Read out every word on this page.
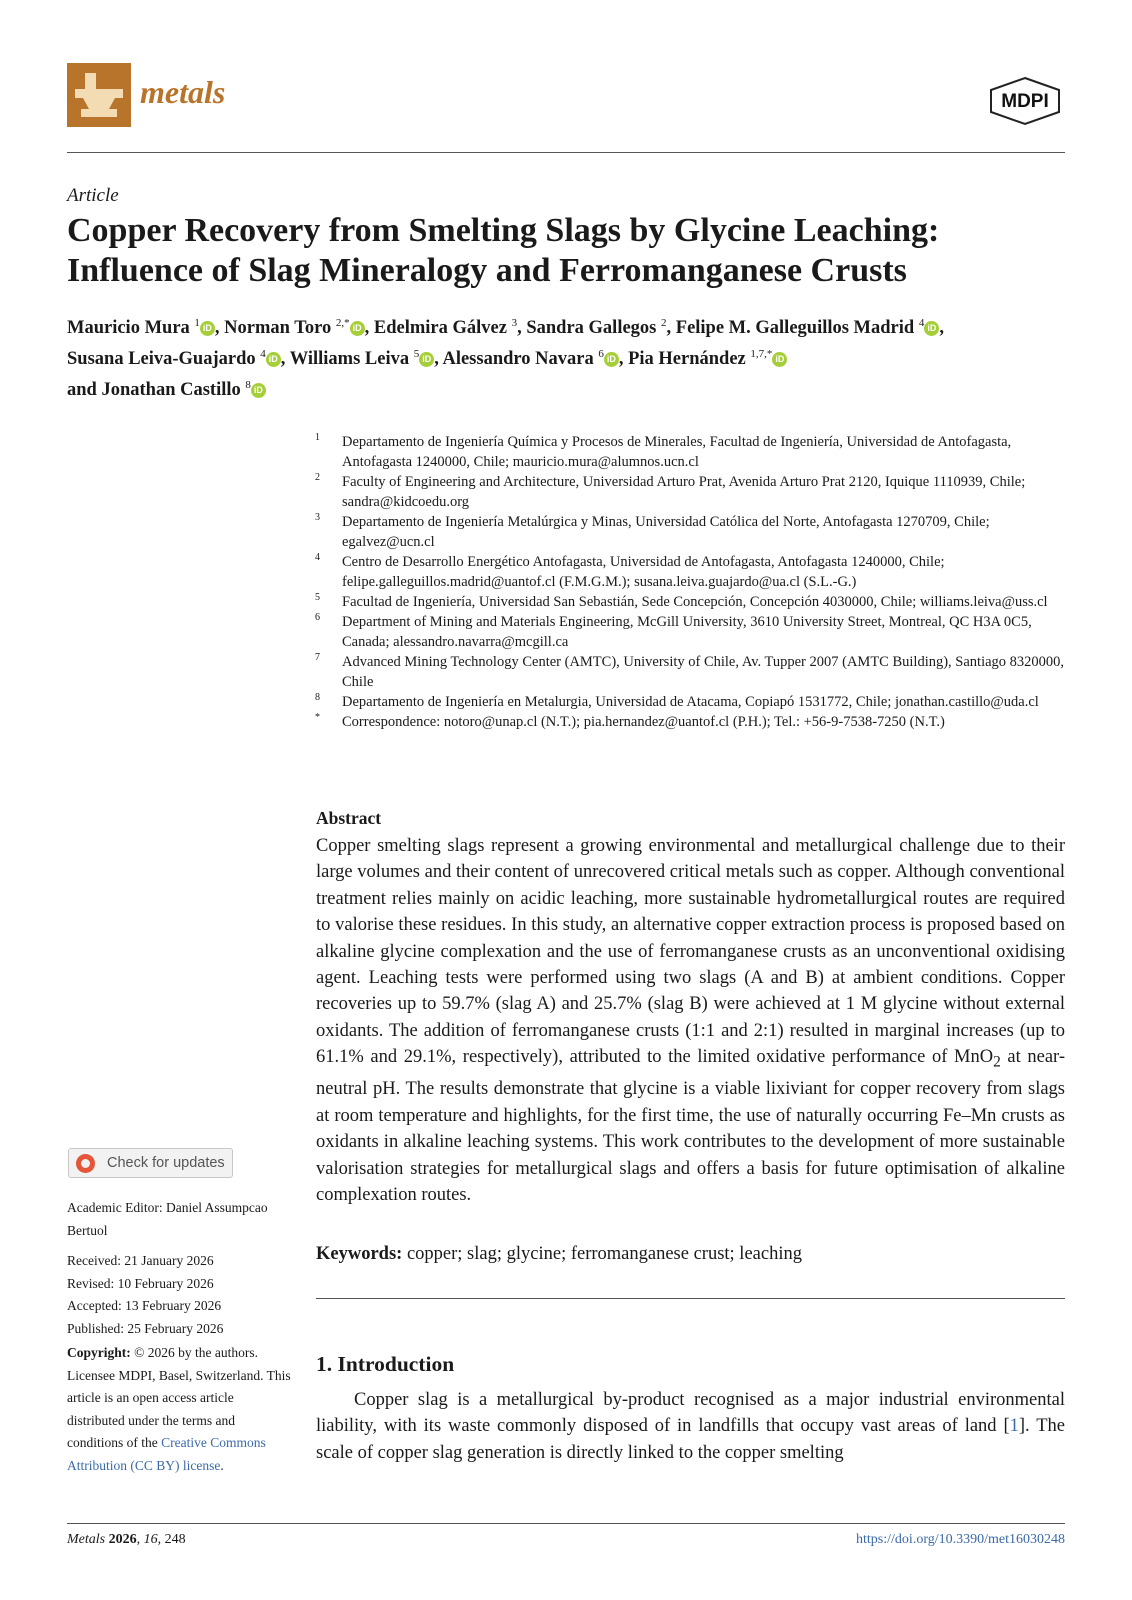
metals	MDPI
Article
Copper Recovery from Smelting Slags by Glycine Leaching: Influence of Slag Mineralogy and Ferromanganese Crusts
Mauricio Mura $^1$ iD , Norman Toro $^{2,*}$ iD , Edelmira Gálvez $^3$, Sandra Gallegos $^2$, Felipe M. Galleguillos Madrid $^4$ iD ,
Susana Leiva-Guajardo $^4$ iD , Williams Leiva $^5$ iD , Alessandro Navara $^6$ iD , Pia Hernández $^{1,7,*}$ iD
and Jonathan Castillo $^8$ iD
1 Departamento de Ingeniería Química y Procesos de Minerales, Facultad de Ingeniería, Universidad de Antofagasta, Antofagasta 1240000, Chile; mauricio.mura@alumnos.ucn.cl
2 Faculty of Engineering and Architecture, Universidad Arturo Prat, Avenida Arturo Prat 2120, Iquique 1110939, Chile; sandra@kidcoedu.org
3 Departamento de Ingeniería Metalúrgica y Minas, Universidad Católica del Norte, Antofagasta 1270709, Chile; egalvez@ucn.cl
4 Centro de Desarrollo Energético Antofagasta, Universidad de Antofagasta, Antofagasta 1240000, Chile; felipe.galleguillos.madrid@uantof.cl (F.M.G.M.); susana.leiva.guajardo@ua.cl (S.L.-G.)
5 Facultad de Ingeniería, Universidad San Sebastián, Sede Concepción, Concepción 4030000, Chile; williams.leiva@uss.cl
6 Department of Mining and Materials Engineering, McGill University, 3610 University Street, Montreal, QC H3A 0C5, Canada; alessandro.navarra@mcgill.ca
7 Advanced Mining Technology Center (AMTC), University of Chile, Av. Tupper 2007 (AMTC Building), Santiago 8320000, Chile
8 Departamento de Ingeniería en Metalurgia, Universidad de Atacama, Copiapó 1531772, Chile; jonathan.castillo@uda.cl
* Correspondence: notoro@unap.cl (N.T.); pia.hernandez@uantof.cl (P.H.); Tel.: +56-9-7538-7250 (N.T.)
Abstract
Copper smelting slags represent a growing environmental and metallurgical challenge due to their large volumes and their content of unrecovered critical metals such as copper. Although conventional treatment relies mainly on acidic leaching, more sustainable hydrometallurgical routes are required to valorise these residues. In this study, an alternative copper extraction process is proposed based on alkaline glycine complexation and the use of ferromanganese crusts as an unconventional oxidising agent. Leaching tests were performed using two slags (A and B) at ambient conditions. Copper recoveries up to 59.7% (slag A) and 25.7% (slag B) were achieved at 1 M glycine without external oxidants. The addition of ferromanganese crusts (1:1 and 2:1) resulted in marginal increases (up to 61.1% and 29.1%, respectively), attributed to the limited oxidative performance of MnO$_2$ at near-neutral pH. The results demonstrate that glycine is a viable lixiviant for copper recovery from slags at room temperature and highlights, for the first time, the use of naturally occurring Fe–Mn crusts as oxidants in alkaline leaching systems. This work contributes to the development of more sustainable valorisation strategies for metallurgical slags and offers a basis for future optimisation of alkaline complexation routes.
Keywords: copper; slag; glycine; ferromanganese crust; leaching
1. Introduction
Copper slag is a metallurgical by-product recognised as a major industrial environmental liability, with its waste commonly disposed of in landfills that occupy vast areas of land [1]. The scale of copper slag generation is directly linked to the copper smelting
Check for updates
Academic Editor: Daniel Assumpcao Bertuol
Received: 21 January 2026
Revised: 10 February 2026
Accepted: 13 February 2026
Published: 25 February 2026
Copyright: © 2026 by the authors. Licensee MDPI, Basel, Switzerland. This article is an open access article distributed under the terms and conditions of the Creative Commons Attribution (CC BY) license.
Metals 2026, 16, 248	https://doi.org/10.3390/met16030248
